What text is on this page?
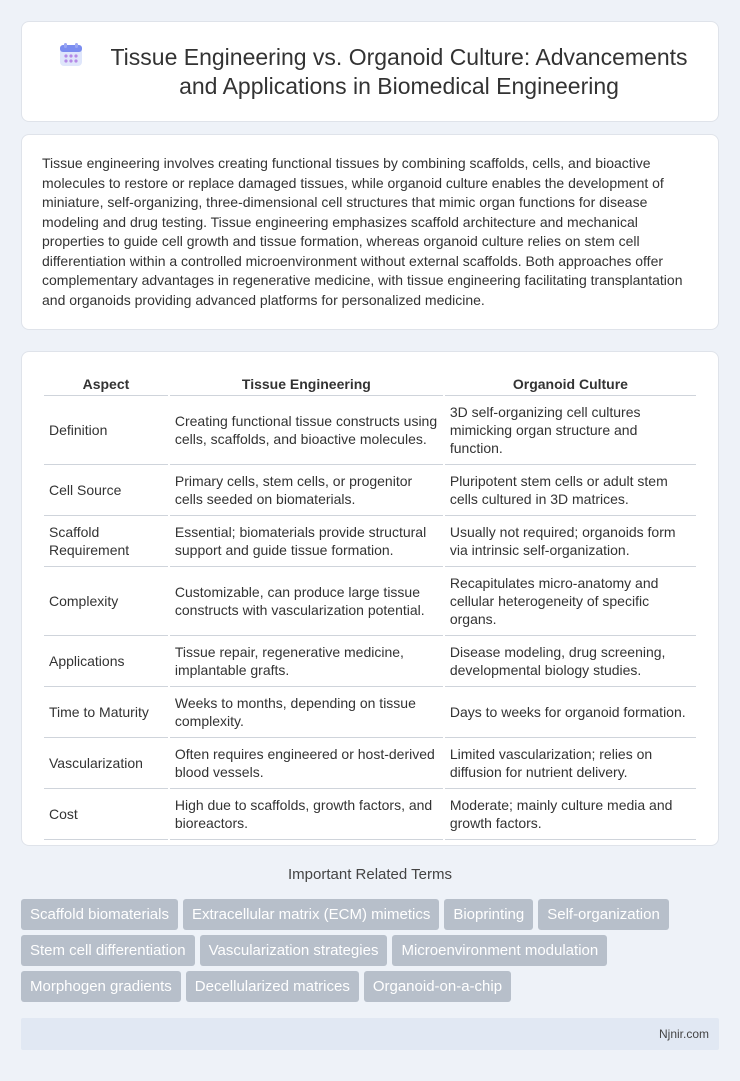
Tissue Engineering vs. Organoid Culture: Advancements and Applications in Biomedical Engineering

Tissue engineering involves creating functional tissues by combining scaffolds, cells, and bioactive molecules to restore or replace damaged tissues, while organoid culture enables the development of miniature, self-organizing, three-dimensional cell structures that mimic organ functions for disease modeling and drug testing. Tissue engineering emphasizes scaffold architecture and mechanical properties to guide cell growth and tissue formation, whereas organoid culture relies on stem cell differentiation within a controlled microenvironment without external scaffolds. Both approaches offer complementary advantages in regenerative medicine, with tissue engineering facilitating transplantation and organoids providing advanced platforms for personalized medicine.

Aspect	Tissue Engineering	Organoid Culture
Definition	Creating functional tissue constructs using cells, scaffolds, and bioactive molecules.	3D self-organizing cell cultures mimicking organ structure and function.
Cell Source	Primary cells, stem cells, or progenitor cells seeded on biomaterials.	Pluripotent stem cells or adult stem cells cultured in 3D matrices.
Scaffold Requirement	Essential; biomaterials provide structural support and guide tissue formation.	Usually not required; organoids form via intrinsic self-organization.
Complexity	Customizable, can produce large tissue constructs with vascularization potential.	Recapitulates micro-anatomy and cellular heterogeneity of specific organs.
Applications	Tissue repair, regenerative medicine, implantable grafts.	Disease modeling, drug screening, developmental biology studies.
Time to Maturity	Weeks to months, depending on tissue complexity.	Days to weeks for organoid formation.
Vascularization	Often requires engineered or host-derived blood vessels.	Limited vascularization; relies on diffusion for nutrient delivery.
Cost	High due to scaffolds, growth factors, and bioreactors.	Moderate; mainly culture media and growth factors.
Important Related Terms
Scaffold biomaterials	Extracellular matrix (ECM) mimetics	Bioprinting	Self-organization
Stem cell differentiation	Vascularization strategies	Microenvironment modulation
Morphogen gradients	Decellularized matrices	Organoid-on-a-chip
Njnir.com
